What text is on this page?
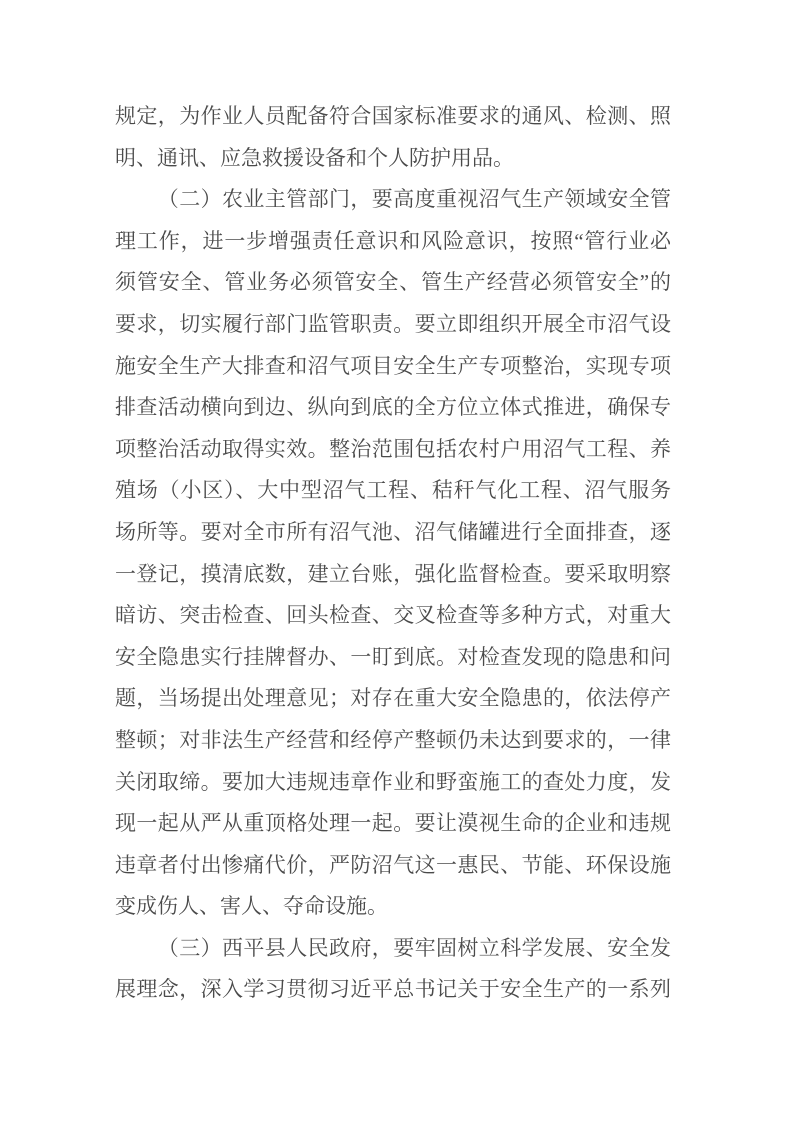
规定，为作业人员配备符合国家标准要求的通风、检测、照

明、通讯、应急救援设备和个人防护用品。

（二）农业主管部门，要高度重视沼气生产领域安全管

理工作，进一步增强责任意识和风险意识，按照“管行业必

须管安全、管业务必须管安全、管生产经营必须管安全”的

要求，切实履行部门监管职责。要立即组织开展全市沼气设

施安全生产大排查和沼气项目安全生产专项整治，实现专项

排查活动横向到边、纵向到底的全方位立体式推进，确保专

项整治活动取得实效。整治范围包括农村户用沼气工程、养

殖场（小区）、大中型沼气工程、秸秆气化工程、沼气服务

场所等。要对全市所有沼气池、沼气储罐进行全面排查，逐

一登记，摸清底数，建立台账，强化监督检查。要采取明察

暗访、突击检查、回头检查、交叉检查等多种方式，对重大

安全隐患实行挂牌督办、一盯到底。对检查发现的隐患和问

题，当场提出处理意见；对存在重大安全隐患的，依法停产

整顿；对非法生产经营和经停产整顿仍未达到要求的，一律

关闭取缔。要加大违规违章作业和野蛮施工的查处力度，发

现一起从严从重顶格处理一起。要让漠视生命的企业和违规

违章者付出惨痛代价，严防沼气这一惠民、节能、环保设施

变成伤人、害人、夺命设施。

（三）西平县人民政府，要牢固树立科学发展、安全发

展理念，深入学习贯彻习近平总书记关于安全生产的一系列
